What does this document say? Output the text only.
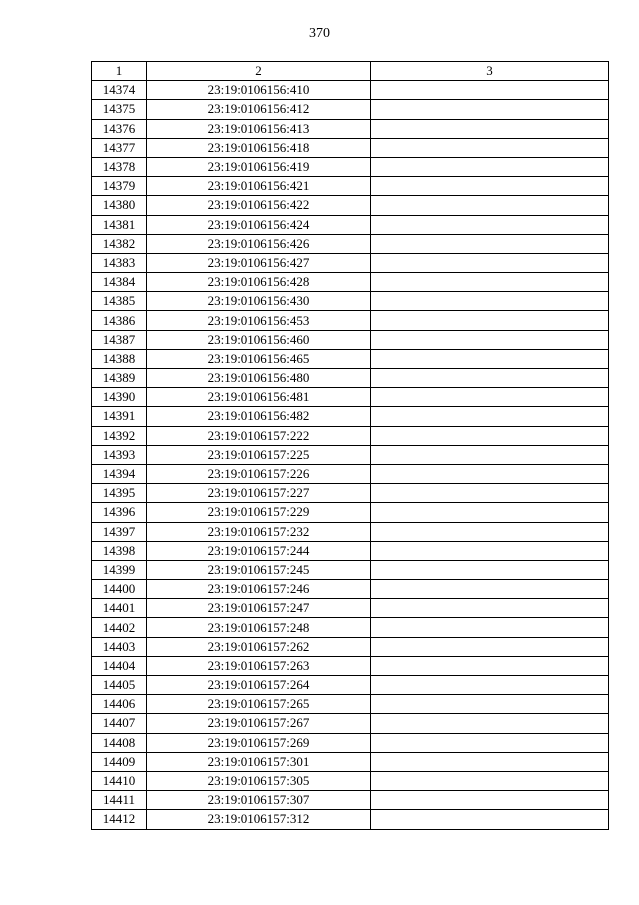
370
1	2	3
14374	23:19:0106156:410	
14375	23:19:0106156:412	
14376	23:19:0106156:413	
14377	23:19:0106156:418	
14378	23:19:0106156:419	
14379	23:19:0106156:421	
14380	23:19:0106156:422	
14381	23:19:0106156:424	
14382	23:19:0106156:426	
14383	23:19:0106156:427	
14384	23:19:0106156:428	
14385	23:19:0106156:430	
14386	23:19:0106156:453	
14387	23:19:0106156:460	
14388	23:19:0106156:465	
14389	23:19:0106156:480	
14390	23:19:0106156:481	
14391	23:19:0106156:482	
14392	23:19:0106157:222	
14393	23:19:0106157:225	
14394	23:19:0106157:226	
14395	23:19:0106157:227	
14396	23:19:0106157:229	
14397	23:19:0106157:232	
14398	23:19:0106157:244	
14399	23:19:0106157:245	
14400	23:19:0106157:246	
14401	23:19:0106157:247	
14402	23:19:0106157:248	
14403	23:19:0106157:262	
14404	23:19:0106157:263	
14405	23:19:0106157:264	
14406	23:19:0106157:265	
14407	23:19:0106157:267	
14408	23:19:0106157:269	
14409	23:19:0106157:301	
14410	23:19:0106157:305	
14411	23:19:0106157:307	
14412	23:19:0106157:312	
